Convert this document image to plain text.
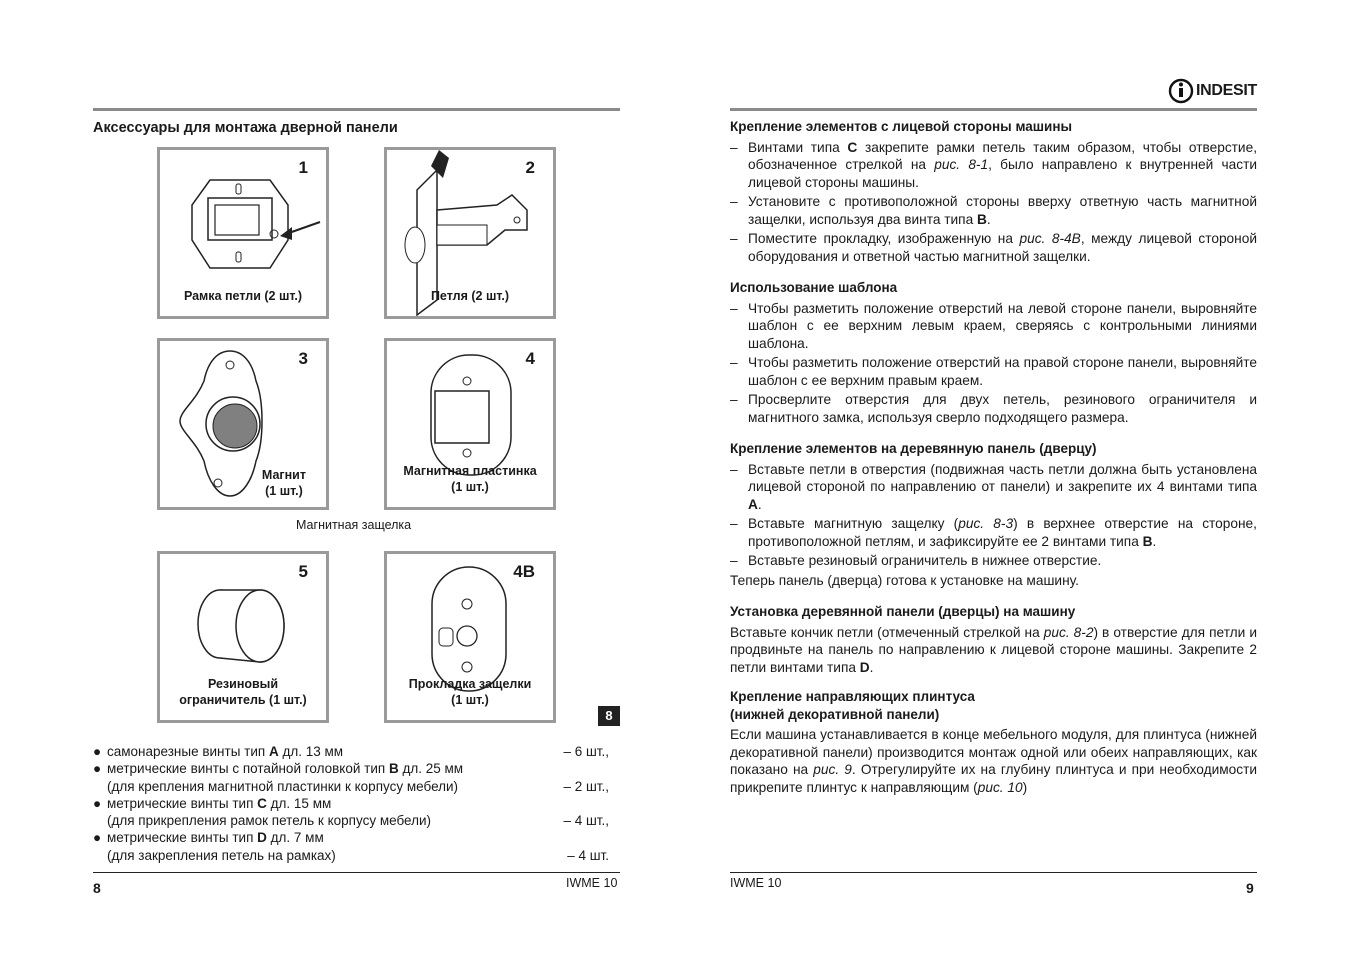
Аксессуары для монтажа дверной панели
1
Рамка петли (2 шт.)
2
Петля (2 шт.)
3
Магнит
(1 шт.)
4
Магнитная пластинка
(1 шт.)
Магнитная защелка
5
Резиновый
ограничитель (1 шт.)
4B
Прокладка защелки
(1 шт.)
8
● самонарезные винты тип A дл. 13 мм	– 6 шт.,
● метрические винты с потайной головкой тип B дл. 25 мм
(для крепления магнитной пластинки к корпусу мебели)	– 2 шт.,
● метрические винты тип C дл. 15 мм
(для прикрепления рамок петель к корпусу мебели)	– 4 шт.,
● метрические винты тип D дл. 7 мм
(для закрепления петель на рамках)	– 4 шт.
8	IWME 10
INDESIT
Крепление элементов с лицевой стороны машины
– Винтами типа C закрепите рамки петель таким образом, чтобы отверстие, обозначенное стрелкой на рис. 8-1, было направлено к внутренней части лицевой стороны машины.
– Установите с противоположной стороны вверху ответную часть магнитной защелки, используя два винта типа B.
– Поместите прокладку, изображенную на рис. 8-4B, между лицевой стороной оборудования и ответной частью магнитной защелки.
Использование шаблона
– Чтобы разметить положение отверстий на левой стороне панели, выровняйте шаблон с ее верхним левым краем, сверяясь с контрольными линиями шаблона.
– Чтобы разметить положение отверстий на правой стороне панели, выровняйте шаблон с ее верхним правым краем.
– Просверлите отверстия для двух петель, резинового ограничителя и магнитного замка, используя сверло подходящего размера.
Крепление элементов на деревянную панель (дверцу)
– Вставьте петли в отверстия (подвижная часть петли должна быть установлена лицевой стороной по направлению от панели) и закрепите их 4 винтами типа A.
– Вставьте магнитную защелку (рис. 8-3) в верхнее отверстие на стороне, противоположной петлям, и зафиксируйте ее 2 винтами типа B.
– Вставьте резиновый ограничитель в нижнее отверстие.

Теперь панель (дверца) готова к установке на машину.

Установка деревянной панели (дверцы) на машину

Вставьте кончик петли (отмеченный стрелкой на рис. 8-2) в отверстие для петли и продвиньте на панель по направлению к лицевой стороне машины. Закрепите 2 петли винтами типа D.

Крепление направляющих плинтуса
(нижней декоративной панели)

Если машина устанавливается в конце мебельного модуля, для плинтуса (нижней декоративной панели) производится монтаж одной или обеих направляющих, как показано на рис. 9. Отрегулируйте их на глубину плинтуса и при необходимости прикрепите плинтус к направляющим (рис. 10)

IWME 10	9
